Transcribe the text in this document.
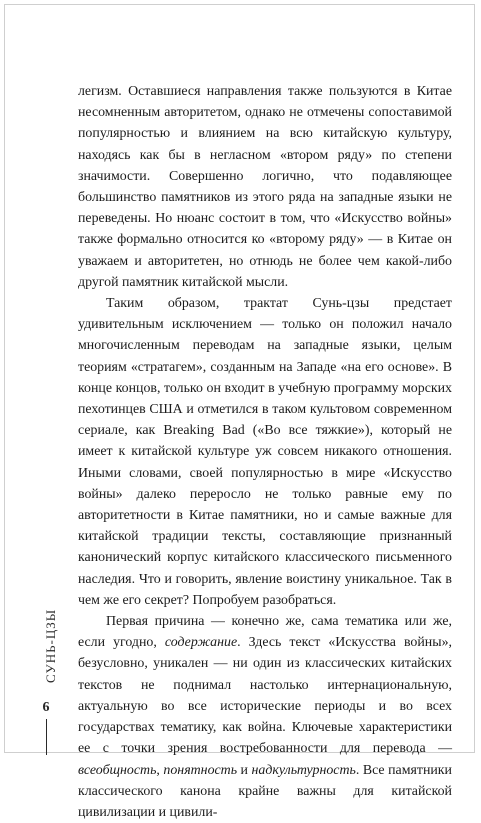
легизм. Оставшиеся направления также пользуются в Китае несомненным авторитетом, однако не отмечены сопоставимой популярностью и влиянием на всю китайскую культуру, находясь как бы в негласном «втором ряду» по степени значимости. Совершенно логично, что подавляющее большинство памятников из этого ряда на западные языки не переведены. Но нюанс состоит в том, что «Искусство войны» также формально относится ко «второму ряду» — в Китае он уважаем и авторитетен, но отнюдь не более чем какой-либо другой памятник китайской мысли.

Таким образом, трактат Сунь-цзы предстает удивительным исключением — только он положил начало многочисленным переводам на западные языки, целым теориям «стратагем», созданным на Западе «на его основе». В конце концов, только он входит в учебную программу морских пехотинцев США и отметился в таком культовом современном сериале, как Breaking Bad («Во все тяжкие»), который не имеет к китайской культуре уж совсем никакого отношения. Иными словами, своей популярностью в мире «Искусство войны» далеко переросло не только равные ему по авторитетности в Китае памятники, но и самые важные для китайской традиции тексты, составляющие признанный канонический корпус китайского классического письменного наследия. Что и говорить, явление воистину уникальное. Так в чем же его секрет? Попробуем разобраться.

Первая причина — конечно же, сама тематика или же, если угодно, содержание. Здесь текст «Искусства войны», безусловно, уникален — ни один из классических китайских текстов не поднимал настолько интернациональную, актуальную во все исторические периоды и во всех государствах тематику, как война. Ключевые характеристики ее с точки зрения востребованности для перевода — всеобщность, понятность и надкультурность. Все памятники классического канона крайне важны для китайской цивилизации и цивили-

СУНЬ-ЦЗЫ
6
